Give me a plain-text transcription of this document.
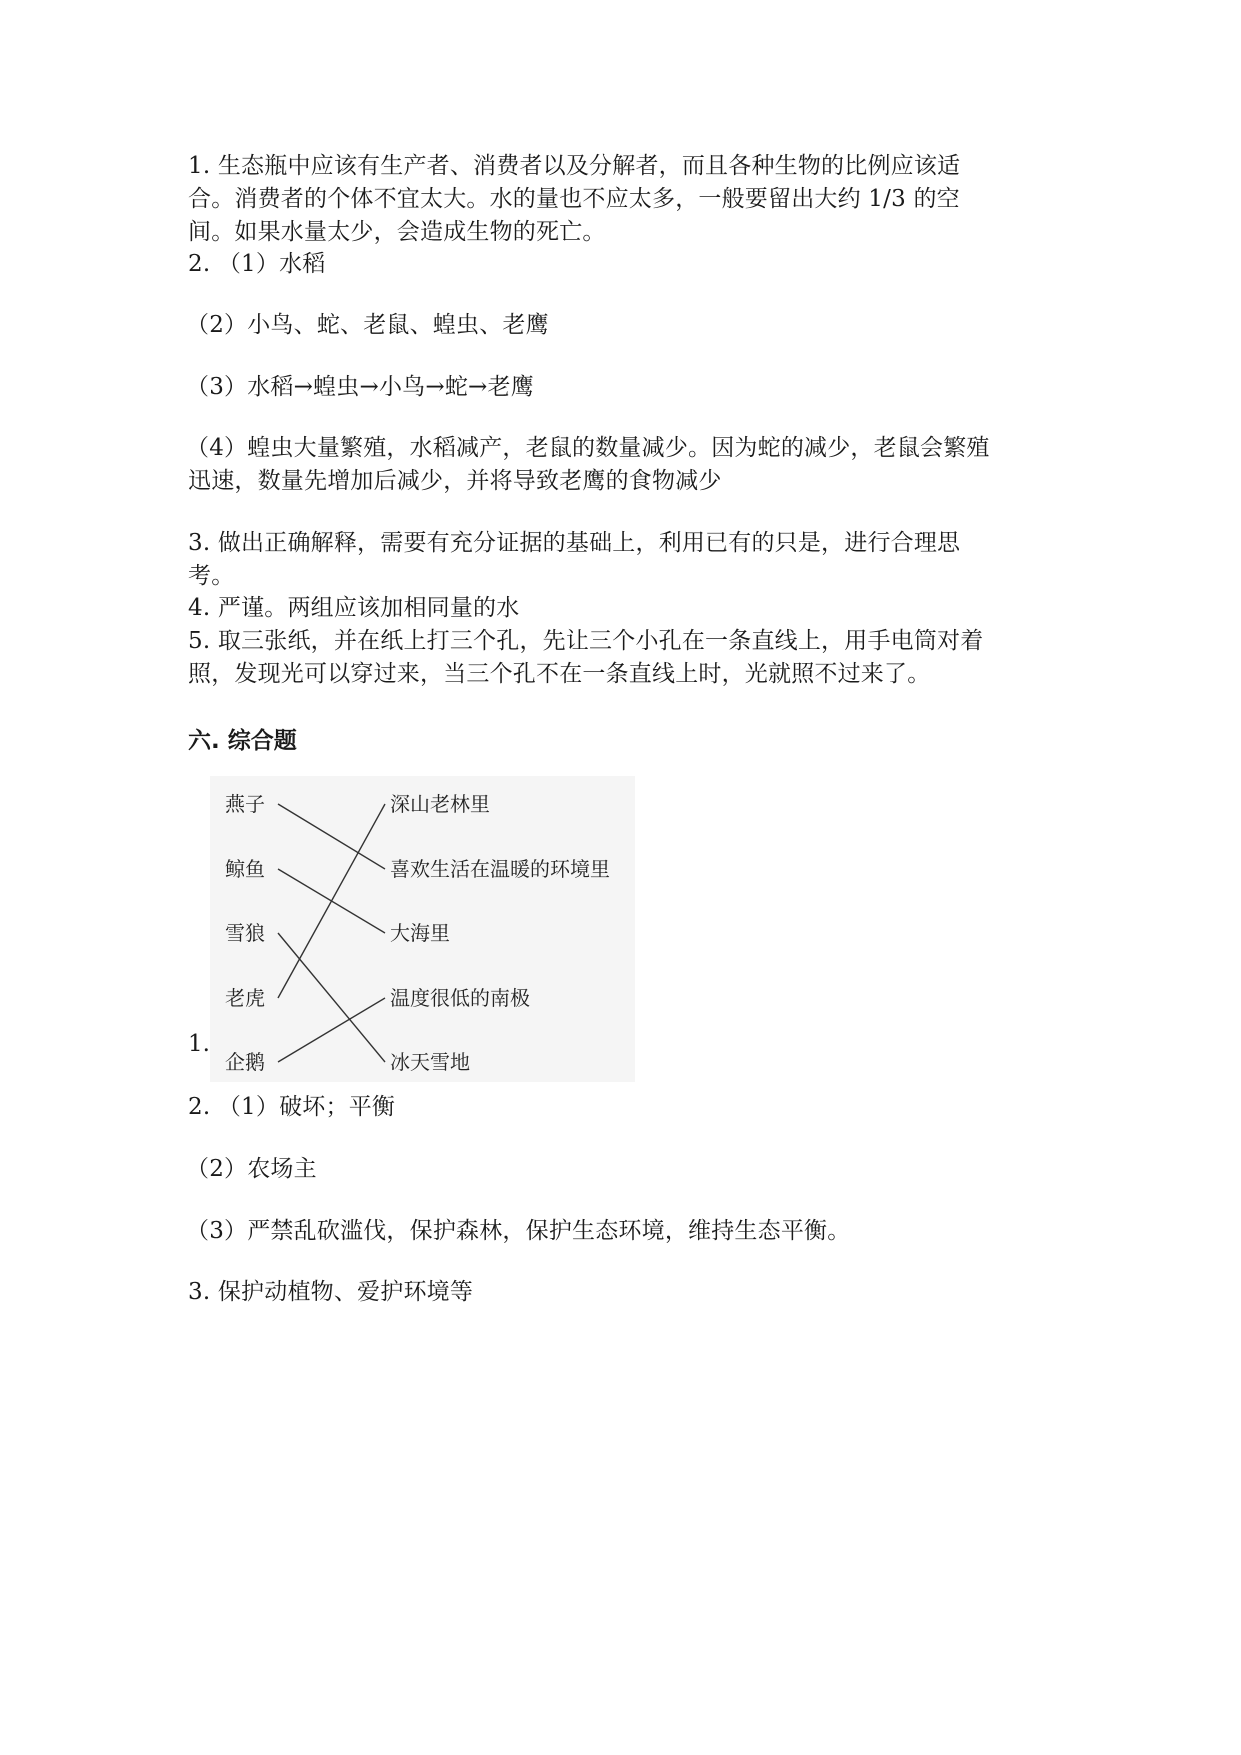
1. 生态瓶中应该有生产者、消费者以及分解者，而且各种生物的比例应该适
合。消费者的个体不宜太大。水的量也不应太多，一般要留出大约 1/3 的空
间。如果水量太少，会造成生物的死亡。
2. （1）水稻
（2）小鸟、蛇、老鼠、蝗虫、老鹰
（3）水稻→蝗虫→小鸟→蛇→老鹰
（4）蝗虫大量繁殖，水稻减产，老鼠的数量减少。因为蛇的减少，老鼠会繁殖
迅速，数量先增加后减少，并将导致老鹰的食物减少
3. 做出正确解释，需要有充分证据的基础上，利用已有的只是，进行合理思
考。
4. 严谨。两组应该加相同量的水
5. 取三张纸，并在纸上打三个孔，先让三个小孔在一条直线上，用手电筒对着
照，发现光可以穿过来，当三个孔不在一条直线上时，光就照不过来了。
六. 综合题
1.
燕子
鲸鱼
雪狼
老虎
企鹅
深山老林里
喜欢生活在温暖的环境里
大海里
温度很低的南极
冰天雪地
2. （1）破坏；平衡
（2）农场主
（3）严禁乱砍滥伐，保护森林，保护生态环境，维持生态平衡。
3. 保护动植物、爱护环境等
